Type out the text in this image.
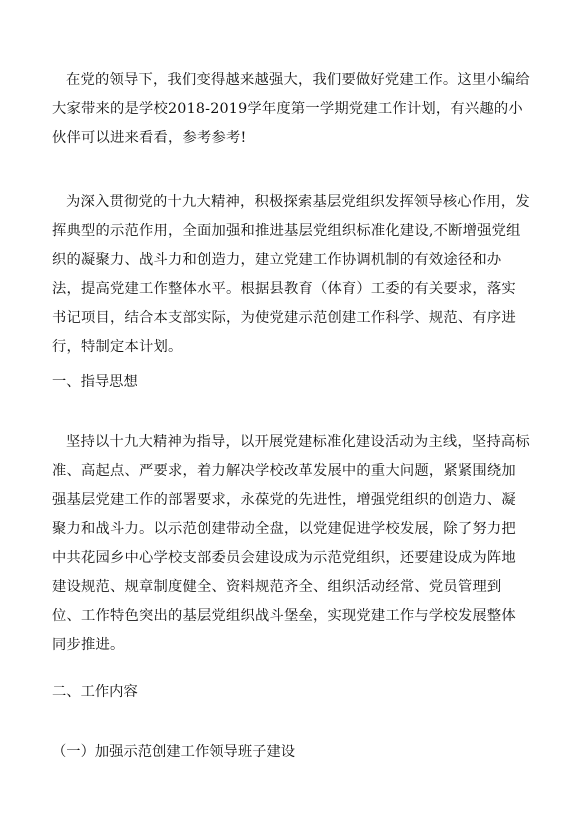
在党的领导下，我们变得越来越强大，我们要做好党建工作。这里小编给大家带来的是学校2018-2019学年度第一学期党建工作计划，有兴趣的小伙伴可以进来看看，参考参考!

为深入贯彻党的十九大精神，积极探索基层党组织发挥领导核心作用，发挥典型的示范作用，全面加强和推进基层党组织标准化建设,不断增强党组织的凝聚力、战斗力和创造力，建立党建工作协调机制的有效途径和办法，提高党建工作整体水平。根据县教育（体育）工委的有关要求，落实书记项目，结合本支部实际，为使党建示范创建工作科学、规范、有序进行，特制定本计划。

一、指导思想

坚持以十九大精神为指导，以开展党建标准化建设活动为主线，坚持高标准、高起点、严要求，着力解决学校改革发展中的重大问题，紧紧围绕加强基层党建工作的部署要求，永葆党的先进性，增强党组织的创造力、凝聚力和战斗力。以示范创建带动全盘，以党建促进学校发展，除了努力把中共花园乡中心学校支部委员会建设成为示范党组织，还要建设成为阵地建设规范、规章制度健全、资料规范齐全、组织活动经常、党员管理到位、工作特色突出的基层党组织战斗堡垒，实现党建工作与学校发展整体同步推进。

二、工作内容

（一）加强示范创建工作领导班子建设
